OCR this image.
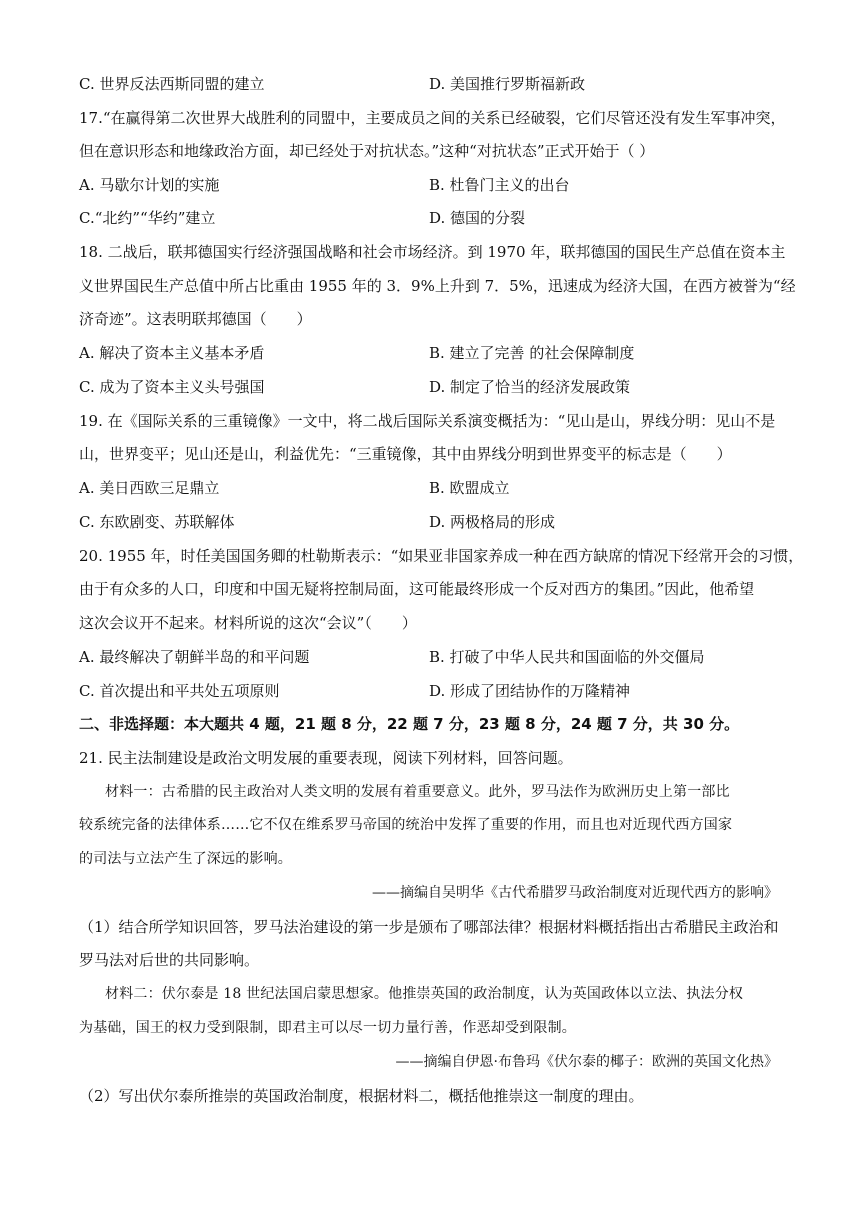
C. 世界反法西斯同盟的建立	D. 美国推行罗斯福新政
17.“在赢得第二次世界大战胜利的同盟中，主要成员之间的关系已经破裂，它们尽管还没有发生军事冲突，
但在意识形态和地缘政治方面，却已经处于对抗状态。”这种“对抗状态”正式开始于（ ）
A. 马歇尔计划的实施	B. 杜鲁门主义的出台
C.“北约”“华约”建立	D. 德国的分裂
18. 二战后，联邦德国实行经济强国战略和社会市场经济。到 1970 年，联邦德国的国民生产总值在资本主
义世界国民生产总值中所占比重由 1955 年的 3．9%上升到 7．5%，迅速成为经济大国，在西方被誉为“经
济奇迹”。这表明联邦德国（　　）
A. 解决了资本主义基本矛盾	B. 建立了完善 的社会保障制度
C. 成为了资本主义头号强国	D. 制定了恰当的经济发展政策
19. 在《国际关系的三重镜像》一文中，将二战后国际关系演变概括为：“见山是山，界线分明：见山不是
山，世界变平；见山还是山，利益优先：“三重镜像，其中由界线分明到世界变平的标志是（　　）
A. 美日西欧三足鼎立	B. 欧盟成立
C. 东欧剧变、苏联解体	D. 两极格局的形成
20. 1955 年，时任美国国务卿的杜勒斯表示：“如果亚非国家养成一种在西方缺席的情况下经常开会的习惯，
由于有众多的人口，印度和中国无疑将控制局面，这可能最终形成一个反对西方的集团。”因此，他希望
这次会议开不起来。材料所说的这次“会议”（　　）
A. 最终解决了朝鲜半岛的和平问题	B. 打破了中华人民共和国面临的外交僵局
C. 首次提出和平共处五项原则	D. 形成了团结协作的万隆精神
二、非选择题：本大题共 4 题，21 题 8 分，22 题 7 分，23 题 8 分，24 题 7 分，共 30 分。
21. 民主法制建设是政治文明发展的重要表现，阅读下列材料，回答问题。
材料一：古希腊的民主政治对人类文明的发展有着重要意义。此外，罗马法作为欧洲历史上第一部比
较系统完备的法律体系……它不仅在维系罗马帝国的统治中发挥了重要的作用，而且也对近现代西方国家
的司法与立法产生了深远的影响。
——摘编自吴明华《古代希腊罗马政治制度对近现代西方的影响》
（1）结合所学知识回答，罗马法治建设的第一步是颁布了哪部法律？根据材料概括指出古希腊民主政治和
罗马法对后世的共同影响。
材料二：伏尔泰是 18 世纪法国启蒙思想家。他推崇英国的政治制度，认为英国政体以立法、执法分权
为基础，国王的权力受到限制，即君主可以尽一切力量行善，作恶却受到限制。
——摘编自伊恩·布鲁玛《伏尔泰的椰子：欧洲的英国文化热》
（2）写出伏尔泰所推崇的英国政治制度，根据材料二，概括他推崇这一制度的理由。
